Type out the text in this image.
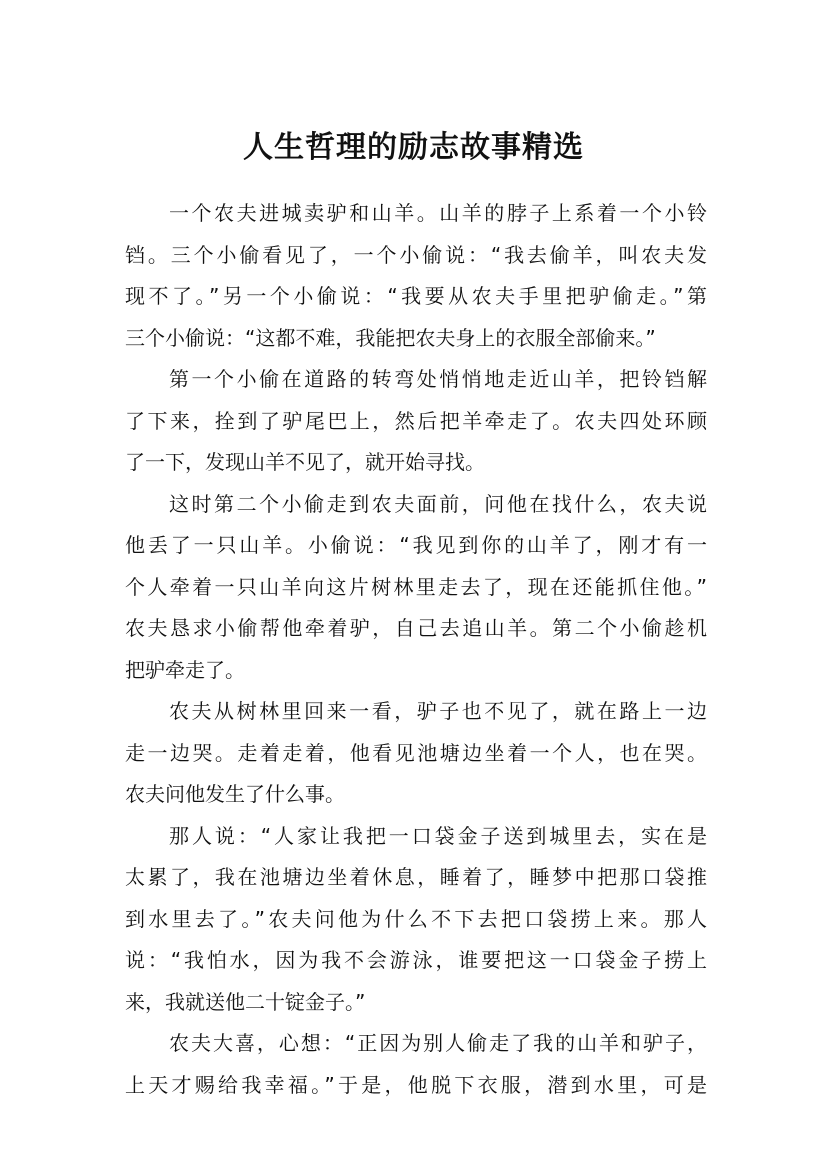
人生哲理的励志故事精选
一个农夫进城卖驴和山羊。山羊的脖子上系着一个小铃
铛。三个小偷看见了，一个小偷说：“我去偷羊，叫农夫发
现不了。”另一个小偷说：“我要从农夫手里把驴偷走。”第
三个小偷说：“这都不难，我能把农夫身上的衣服全部偷来。”
第一个小偷在道路的转弯处悄悄地走近山羊，把铃铛解
了下来，拴到了驴尾巴上，然后把羊牵走了。农夫四处环顾
了一下，发现山羊不见了，就开始寻找。
这时第二个小偷走到农夫面前，问他在找什么，农夫说
他丢了一只山羊。小偷说：“我见到你的山羊了，刚才有一
个人牵着一只山羊向这片树林里走去了，现在还能抓住他。”
农夫恳求小偷帮他牵着驴，自己去追山羊。第二个小偷趁机
把驴牵走了。
农夫从树林里回来一看，驴子也不见了，就在路上一边
走一边哭。走着走着，他看见池塘边坐着一个人，也在哭。
农夫问他发生了什么事。
那人说：“人家让我把一口袋金子送到城里去，实在是
太累了，我在池塘边坐着休息，睡着了，睡梦中把那口袋推
到水里去了。”农夫问他为什么不下去把口袋捞上来。那人
说：“我怕水，因为我不会游泳，谁要把这一口袋金子捞上
来，我就送他二十锭金子。”
农夫大喜，心想：“正因为别人偷走了我的山羊和驴子，
上天才赐给我幸福。”于是，他脱下衣服，潜到水里，可是
